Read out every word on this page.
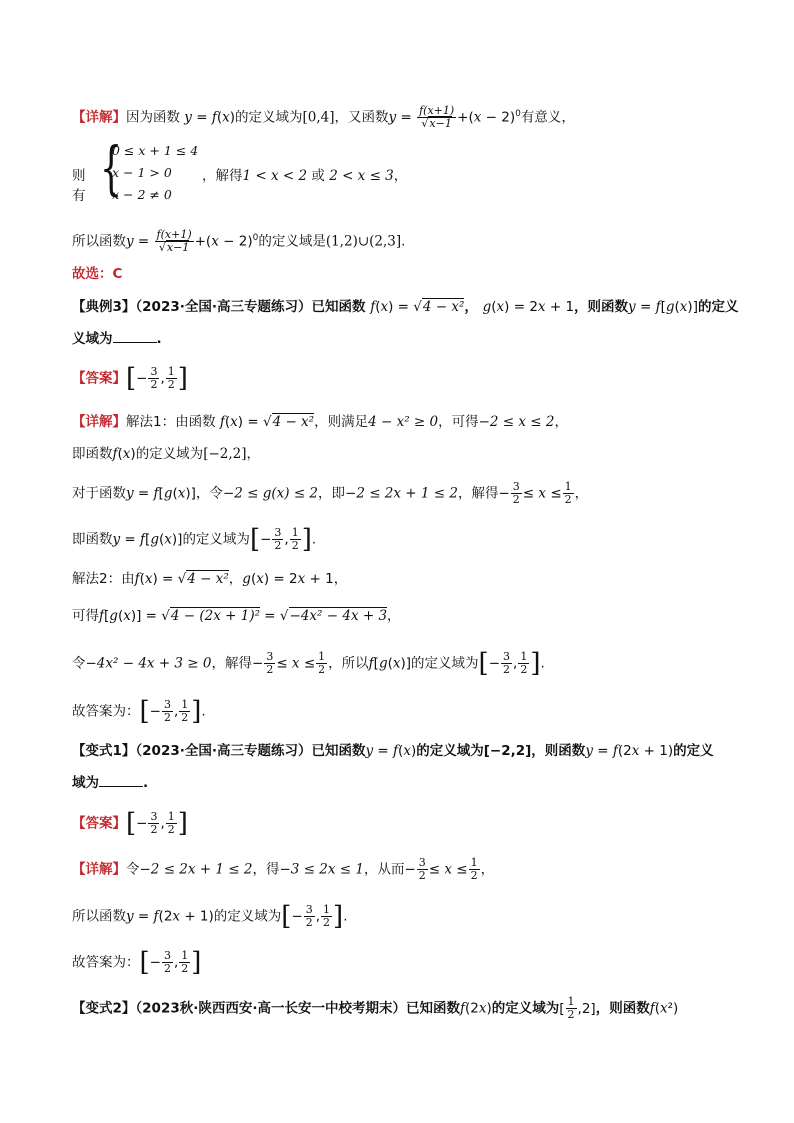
【详解】因为函数 y = f(x)的定义域为[0,4]，又函数$y = \frac{f(x+1)}{√x-1} +(x - 2)^0$有意义，
则有 {
0 ≤ x + 1 ≤ 4
x − 1 > 0
x − 2 ≠ 0
，解得1 < x < 2 或 2 < x ≤ 3，
所以函数$y = \frac{f(x+1)}{√x-1} +(x - 2)^0$的定义域是(1,2)∪(2,3].
故选：C
【典例3】（2023·全国·高三专题练习）已知函数 f(x) = √4 − x²， g(x) = 2x + 1，则函数y = f[g(x)]的定义
义域为	.
【答案】[− $\frac{3}{2}$ , $\frac{1}{2}$ ]
【详解】解法1：由函数 f(x) = √4 − x²，则满足4 − x² ≥ 0，可得−2 ≤ x ≤ 2，
即函数f(x)的定义域为[−2,2]，
对于函数y = f[g(x)]，令−2 ≤ g(x) ≤ 2，即−2 ≤ 2x + 1 ≤ 2，解得− $\frac{3}{2} \le x \le \frac{1}{2}$ ，
即函数y = f[g(x)]的定义域为[− $\frac{3}{2}$ , $\frac{1}{2}$ ].
解法2：由f(x) = √4 − x²，g(x) = 2x + 1，
可得f[g(x)] = √4 − (2x + 1)² = √−4x² − 4x + 3，
令−4x² − 4x + 3 ≥ 0，解得− $\frac{3}{2} \le x \le \frac{1}{2}$ ，所以f[g(x)]的定义域为[− $\frac{3}{2}$ , $\frac{1}{2}$ ].
故答案为：[− $\frac{3}{2}$ , $\frac{1}{2}$ ].
【变式1】（2023·全国·高三专题练习）已知函数y = f(x)的定义域为[−2,2]，则函数y = f(2x + 1)的定义
域为	.
【答案】[− $\frac{3}{2}$ , $\frac{1}{2}$ ]
【详解】令−2 ≤ 2x + 1 ≤ 2，得−3 ≤ 2x ≤ 1，从而− $\frac{3}{2} \le x \le \frac{1}{2}$ ，
所以函数y = f(2x + 1)的定义域为[− $\frac{3}{2}$ , $\frac{1}{2}$ ].
故答案为：[− $\frac{3}{2}$ , $\frac{1}{2}$ ]
【变式2】（2023秋·陕西西安·高一长安一中校考期末）已知函数f(2x)的定义域为[ $\frac{1}{2} ,2$]，则函数f(x²)
